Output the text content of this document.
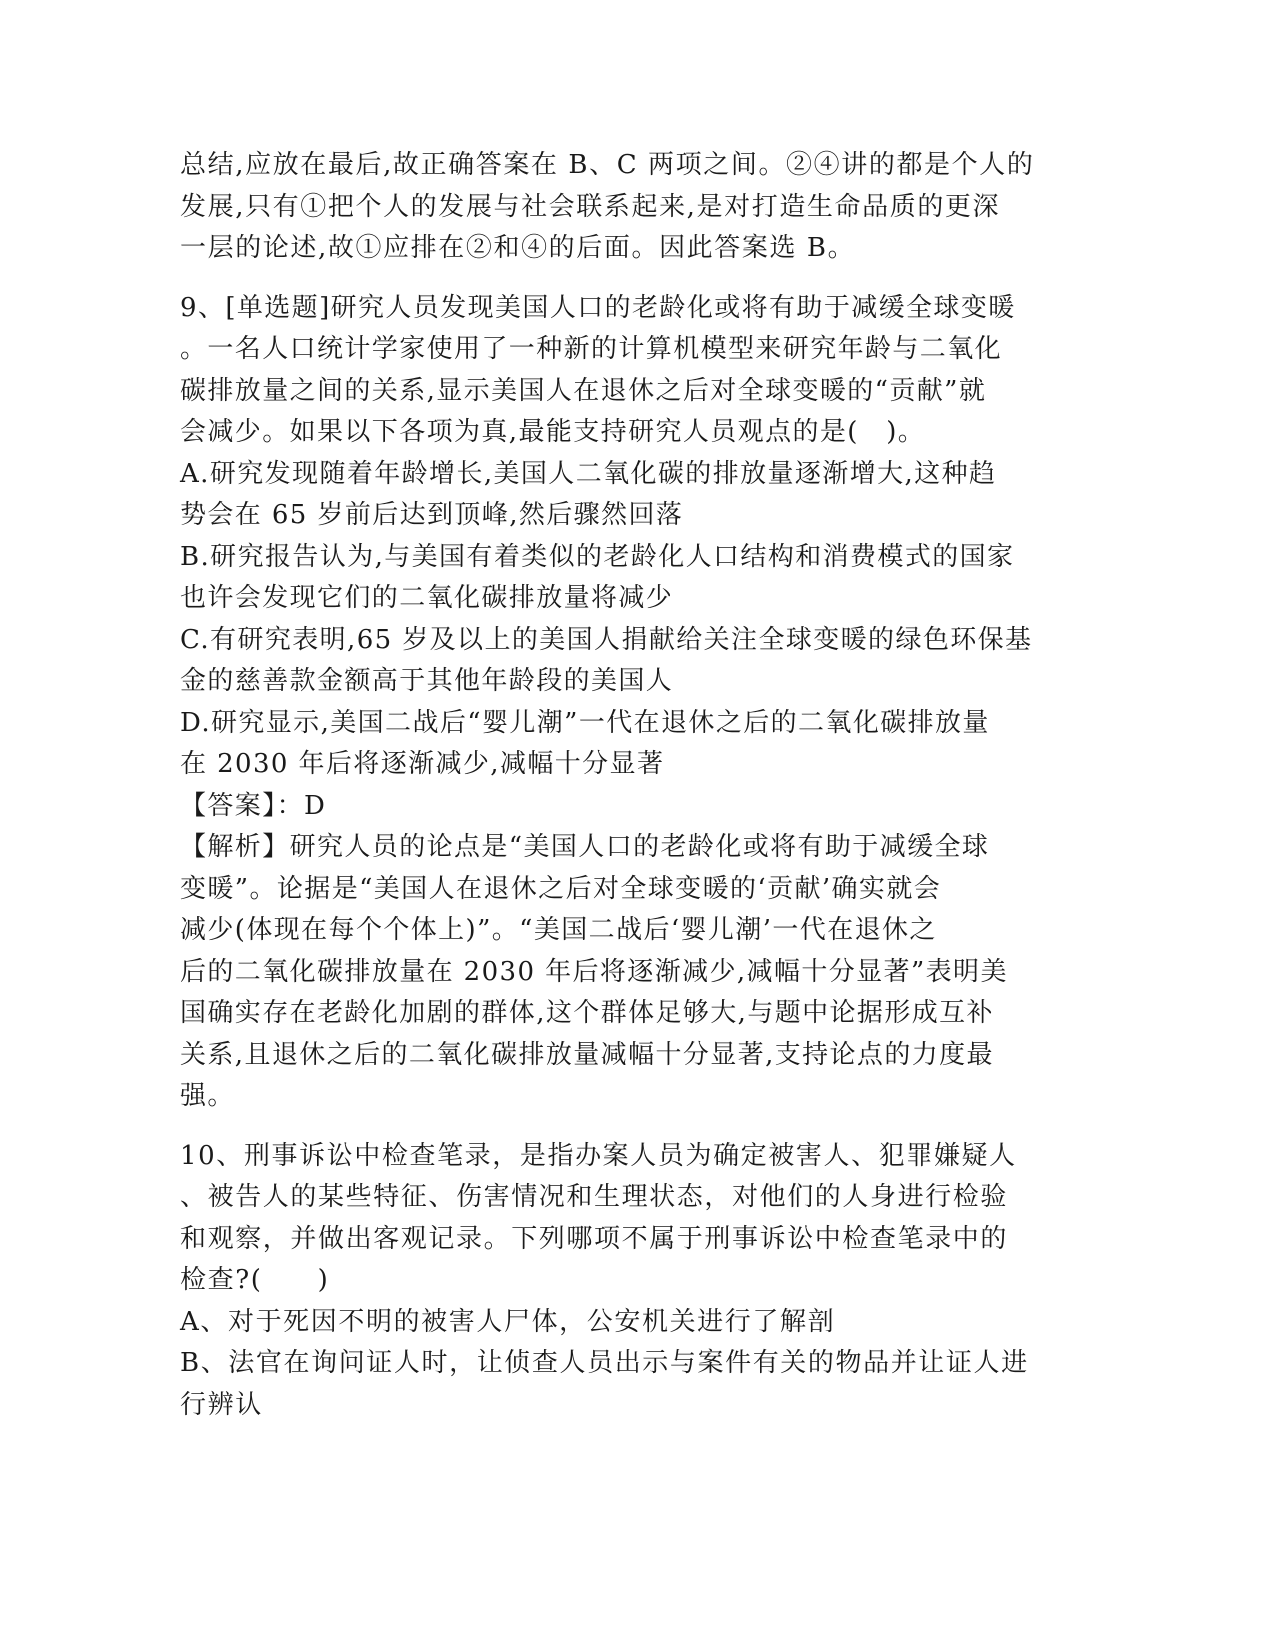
总结,应放在最后,故正确答案在 B、C 两项之间。②④讲的都是个人的

发展,只有①把个人的发展与社会联系起来,是对打造生命品质的更深

一层的论述,故①应排在②和④的后面。因此答案选 B。

9、[单选题]研究人员发现美国人口的老龄化或将有助于减缓全球变暖

。一名人口统计学家使用了一种新的计算机模型来研究年龄与二氧化

碳排放量之间的关系,显示美国人在退休之后对全球变暖的“贡献”就

会减少。如果以下各项为真,最能支持研究人员观点的是(　)。

A.研究发现随着年龄增长,美国人二氧化碳的排放量逐渐增大,这种趋

势会在 65 岁前后达到顶峰,然后骤然回落

B.研究报告认为,与美国有着类似的老龄化人口结构和消费模式的国家

也许会发现它们的二氧化碳排放量将减少

C.有研究表明,65 岁及以上的美国人捐献给关注全球变暖的绿色环保基

金的慈善款金额高于其他年龄段的美国人

D.研究显示,美国二战后“婴儿潮”一代在退休之后的二氧化碳排放量

在 2030 年后将逐渐减少,减幅十分显著

【答案】：D

【解析】研究人员的论点是“美国人口的老龄化或将有助于减缓全球

变暖”。论据是“美国人在退休之后对全球变暖的‘贡献’确实就会

减少(体现在每个个体上)”。“美国二战后‘婴儿潮’一代在退休之

后的二氧化碳排放量在 2030 年后将逐渐减少,减幅十分显著”表明美

国确实存在老龄化加剧的群体,这个群体足够大,与题中论据形成互补

关系,且退休之后的二氧化碳排放量减幅十分显著,支持论点的力度最

强。

10、刑事诉讼中检查笔录，是指办案人员为确定被害人、犯罪嫌疑人

、被告人的某些特征、伤害情况和生理状态，对他们的人身进行检验

和观察，并做出客观记录。下列哪项不属于刑事诉讼中检查笔录中的

检查?(　　)

A、对于死因不明的被害人尸体，公安机关进行了解剖

B、法官在询问证人时，让侦查人员出示与案件有关的物品并让证人进

行辨认
